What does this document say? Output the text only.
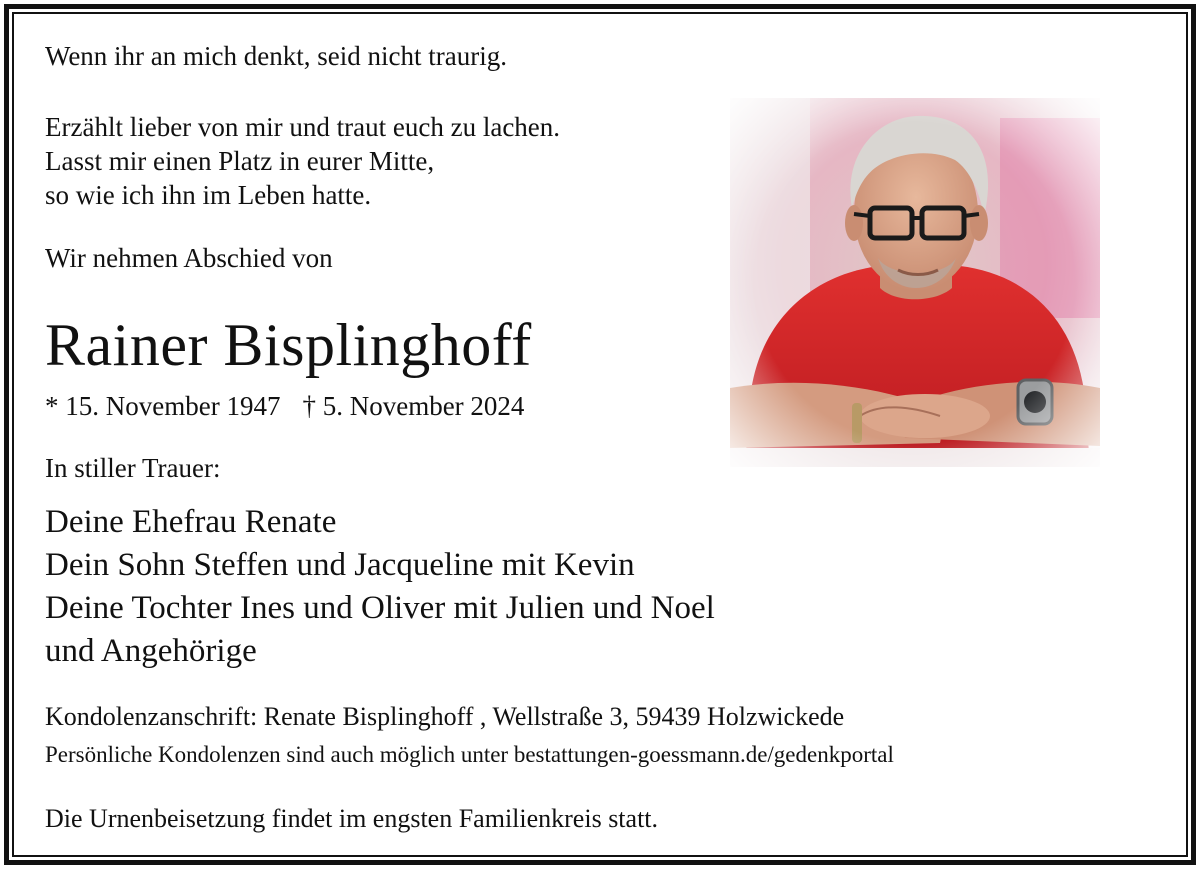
Wenn ihr an mich denkt, seid nicht traurig.
Erzählt lieber von mir und traut euch zu lachen.
Lasst mir einen Platz in eurer Mitte,
so wie ich ihn im Leben hatte.
Wir nehmen Abschied von
Rainer Bisplinghoff
* 15. November 1947 † 5. November 2024
In stiller Trauer:
Deine Ehefrau Renate
Dein Sohn Steffen und Jacqueline mit Kevin
Deine Tochter Ines und Oliver mit Julien und Noel
und Angehörige
Kondolenzanschrift: Renate Bisplinghoff , Wellstraße 3, 59439 Holzwickede
Persönliche Kondolenzen sind auch möglich unter bestattungen-goessmann.de/gedenkportal
Die Urnenbeisetzung findet im engsten Familienkreis statt.
